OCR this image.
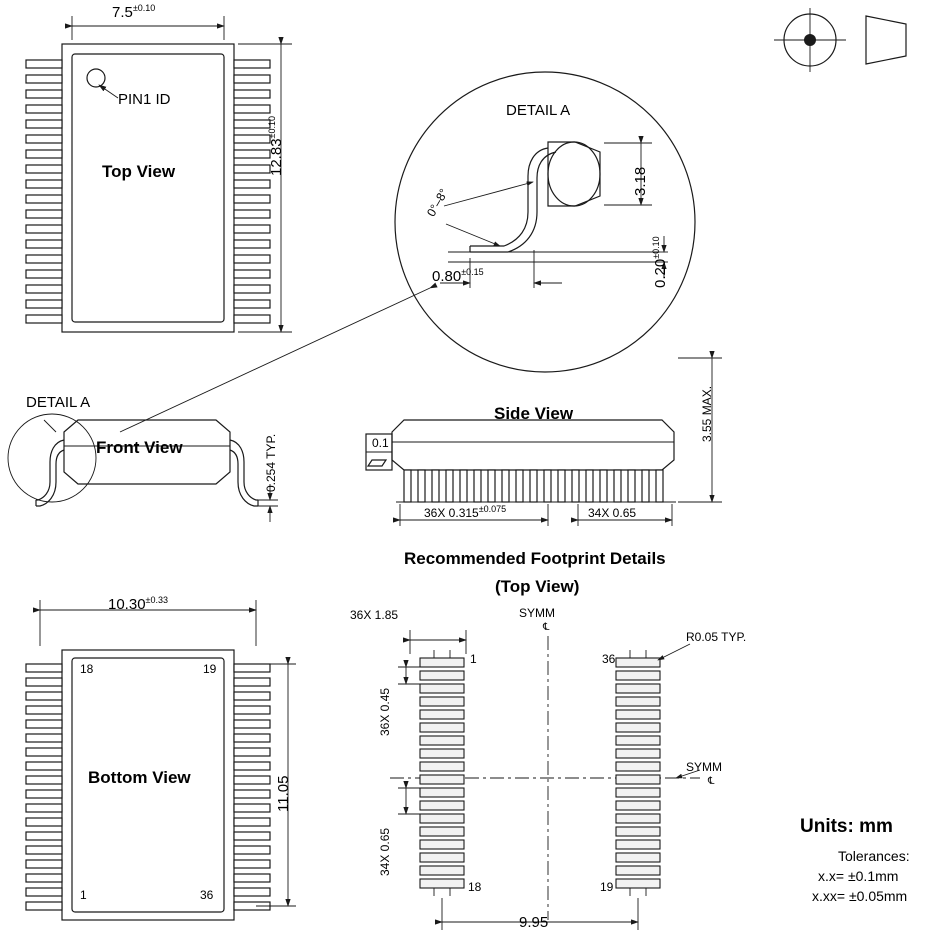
$7.5^{\pm 0.10}$
$12.83^{\pm 0.10}$
PIN1 ID
Top View
DETAIL A
0°–8°
3.18
$0.80^{\pm 0.15}$	$0.20^{\pm 0.10}$
DETAIL A
Front View	0.254 TYP.
Side View
0.1
3.55 MAX.
36X $0.315^{\pm 0.075}$	34X 0.65
Recommended Footprint Details
(Top View)
$10.30^{\pm 0.33}$
11.05
18	19
1	36
Bottom View
36X 1.85	SYMM
℄
R0.05 TYP.
36X 0.45
34X 0.65
SYMM
℄
1
18
36
19
9.95
Units: mm
Tolerances:
x.x= ±0.1mm
x.xx= ±0.05mm
